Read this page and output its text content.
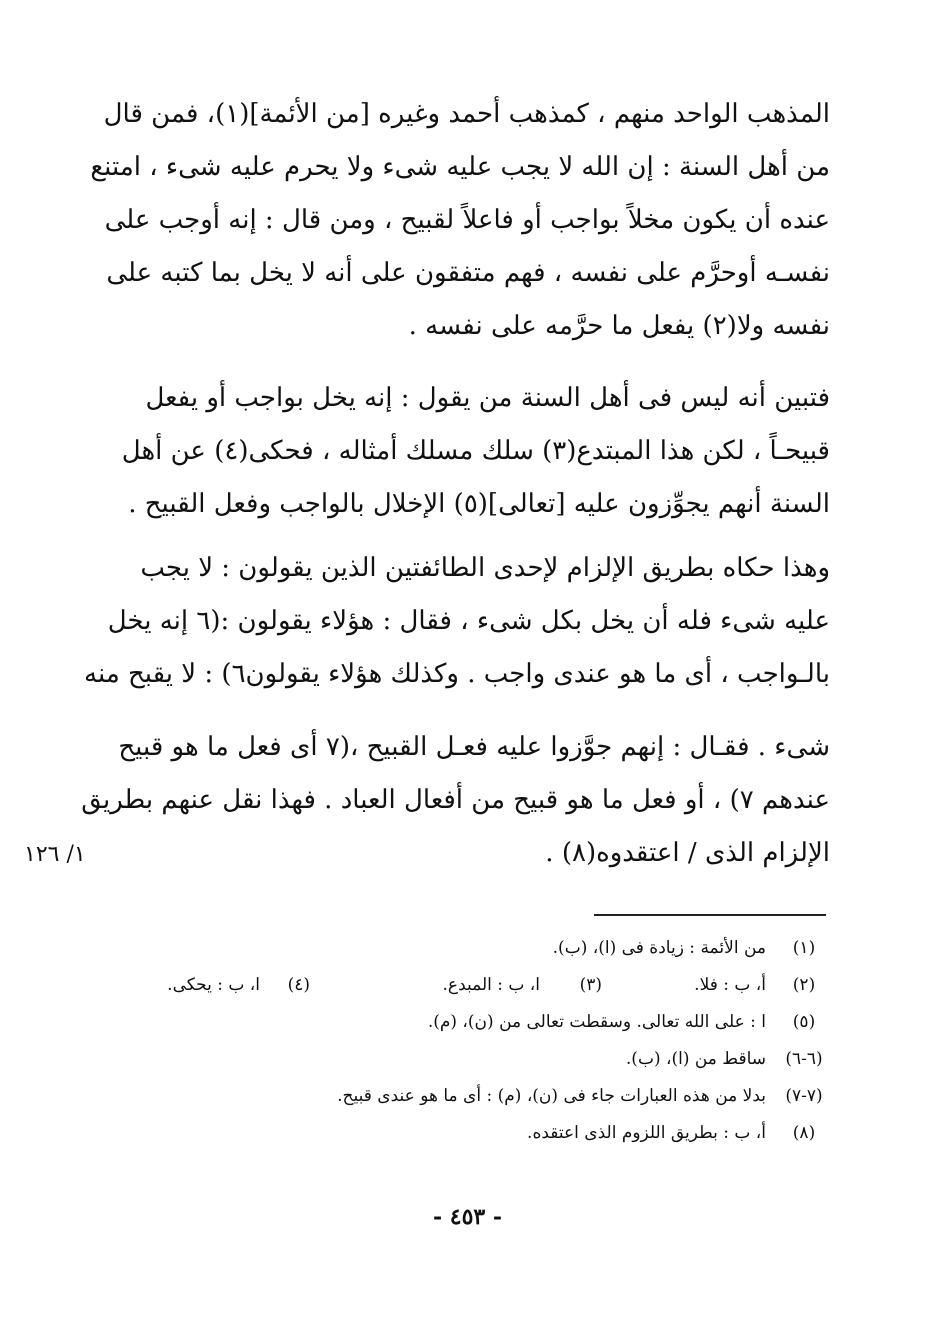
المذهب الواحد منهم ، كمذهب أحمد وغيره [من الأئمة](١)، فمن قال
من أهل السنة : إن الله لا يجب عليه شىء ولا يحرم عليه شىء ، امتنع
عنده أن يكون مخلاً بواجب أو فاعلاً لقبيح ، ومن قال : إنه أوجب على
نفسـه أوحرَّم على نفسه ، فهم متفقون على أنه لا يخل بما كتبه على
نفسه ولا(٢) يفعل ما حرَّمه على نفسه .
فتبين أنه ليس فى أهل السنة من يقول : إنه يخل بواجب أو يفعل
قبيحـاً ، لكن هذا المبتدع(٣) سلك مسلك أمثاله ، فحكى(٤) عن أهل
السنة أنهم يجوِّزون عليه [تعالى](٥) الإخلال بالواجب وفعل القبيح .
وهذا حكاه بطريق الإلزام لإحدى الطائفتين الذين يقولون : لا يجب
عليه شىء فله أن يخل بكل شىء ، فقال : هؤلاء يقولون :(٦ إنه يخل
بالـواجب ، أى ما هو عندى واجب . وكذلك هؤلاء يقولون٦) : لا يقبح منه
شىء . فقـال : إنهم جوَّزوا عليه فعـل القبيح ،(٧ أى فعل ما هو قبيح
عندهم ٧) ، أو فعل ما هو قبيح من أفعال العباد . فهذا نقل عنهم بطريق
الإلزام الذى / اعتقدوه(٨) .
١/ ١٢٦
(١)
من الأئمة : زيادة فى (ا)، (ب).
(٢)
أ، ب : فلا.
(٣)
ا، ب : المبدع.
(٤)
ا، ب : يحكى.
(٥)
ا : على الله تعالى. وسقطت تعالى من (ن)، (م).
(٦-٦)
ساقط من (ا)، (ب).
(٧-٧)
بدلا من هذه العبارات جاء فى (ن)، (م) : أى ما هو عندى قبيح.
(٨)
أ، ب : بطريق اللزوم الذى اعتقده.
- ٤٥٣ -
